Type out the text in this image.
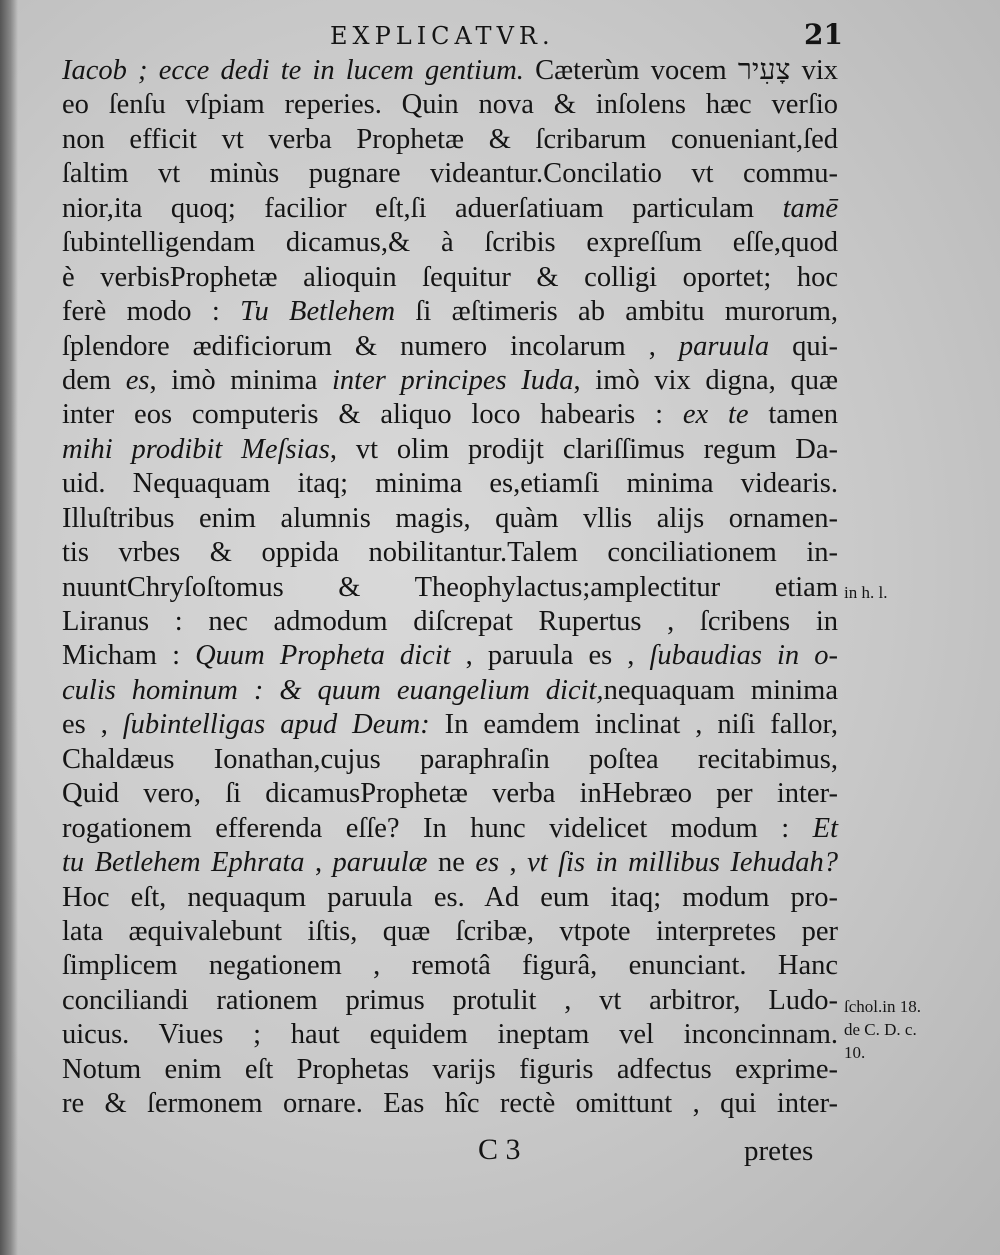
EXPLICATVR.	21
Iacob ; ecce dedi te in lucem gentium. Cæterùm vocem צָעִיר vix
eo ſenſu vſpiam reperies. Quin nova & inſolens hæc verſio
non efficit vt verba Prophetæ & ſcribarum conueniant,ſed
ſaltim vt minùs pugnare videantur.Concilatio vt commu-
nior,ita quoq; facilior eſt,ſi aduerſatiuam particulam tamē
ſubintelligendam dicamus,& à ſcribis expreſſum eſſe,quod
è verbisProphetæ alioquin ſequitur & colligi oportet; hoc
ferè modo : Tu Betlehem ſi æſtimeris ab ambitu murorum,
ſplendore ædificiorum & numero incolarum , paruula qui-
dem es, imò minima inter principes Iuda, imò vix digna, quæ
inter eos computeris & aliquo loco habearis : ex te tamen
mihi prodibit Meſsias, vt olim prodijt clariſſimus regum Da-
uid. Nequaquam itaq; minima es,etiamſi minima videaris.
Illuſtribus enim alumnis magis, quàm vllis alijs ornamen-
tis vrbes & oppida nobilitantur.Talem conciliationem in-
nuuntChryſoſtomus & Theophylactus;amplectitur etiam
Liranus : nec admodum diſcrepat Rupertus , ſcribens in
Micham : Quum Propheta dicit , paruula es , ſubaudias in o-
culis hominum : & quum euangelium dicit,nequaquam minima
es , ſubintelligas apud Deum: In eamdem inclinat , niſi fallor,
Chaldæus Ionathan,cujus paraphraſin poſtea recitabimus,
Quid vero, ſi dicamusProphetæ verba inHebræo per inter-
rogationem efferenda eſſe? In hunc videlicet modum : Et
tu Betlehem Ephrata , paruulæ ne es , vt ſis in millibus Iehudah?
Hoc eſt, nequaqum paruula es. Ad eum itaq; modum pro-
lata æquivalebunt iſtis, quæ ſcribæ, vtpote interpretes per
ſimplicem negationem , remotâ figurâ, enunciant. Hanc
conciliandi rationem primus protulit , vt arbitror, Ludo-
uicus. Viues ; haut equidem ineptam vel inconcinnam.
Notum enim eſt Prophetas varijs figuris adfectus exprime-
re & ſermonem ornare. Eas hîc rectè omittunt , qui inter-
in h. l.
ſchol.in 18.
de C. D. c.
10.
C 3	pretes
